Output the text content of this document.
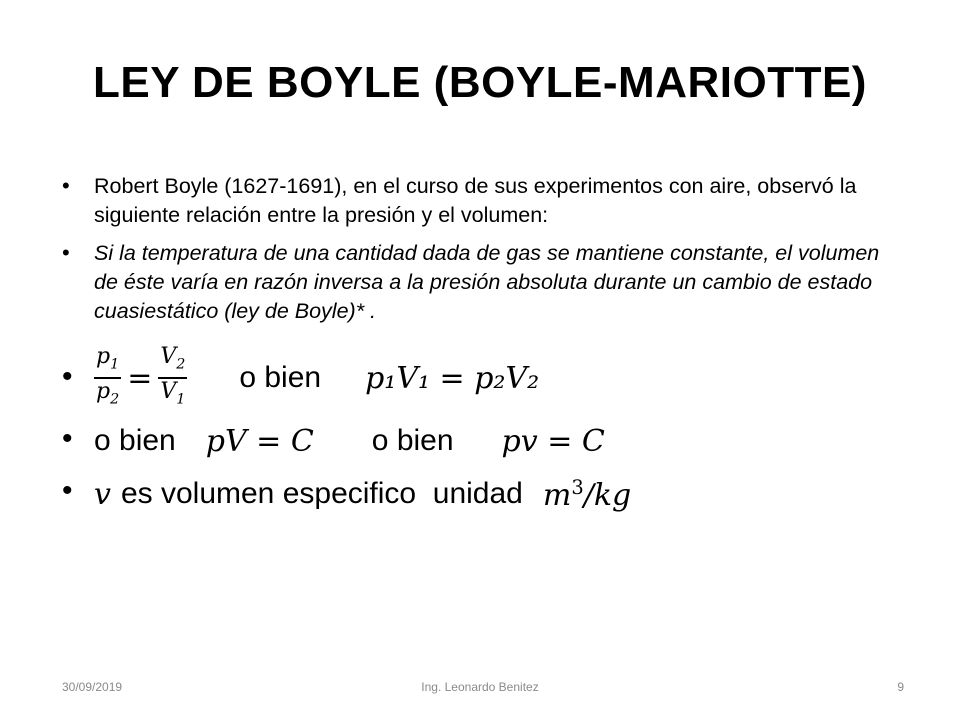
LEY DE BOYLE (BOYLE-MARIOTTE)
• Robert Boyle (1627-1691), en el curso de sus experimentos con aire, observó la siguiente relación entre la presión y el volumen:
• Si la temperatura de una cantidad dada de gas se mantiene constante, el volumen de éste varía en razón inversa a la presión absoluta durante un cambio de estado cuasiestático (ley de Boyle)* .
• $\frac{p_1}{p_2} = \frac{V_2}{V_1}$ o bien p₁V₁ = p₂V₂
• o bien pV = C o bien pv = C
• v es volumen especifico  unidad $m^3/kg$
30/09/2019	Ing. Leonardo Benitez	9
